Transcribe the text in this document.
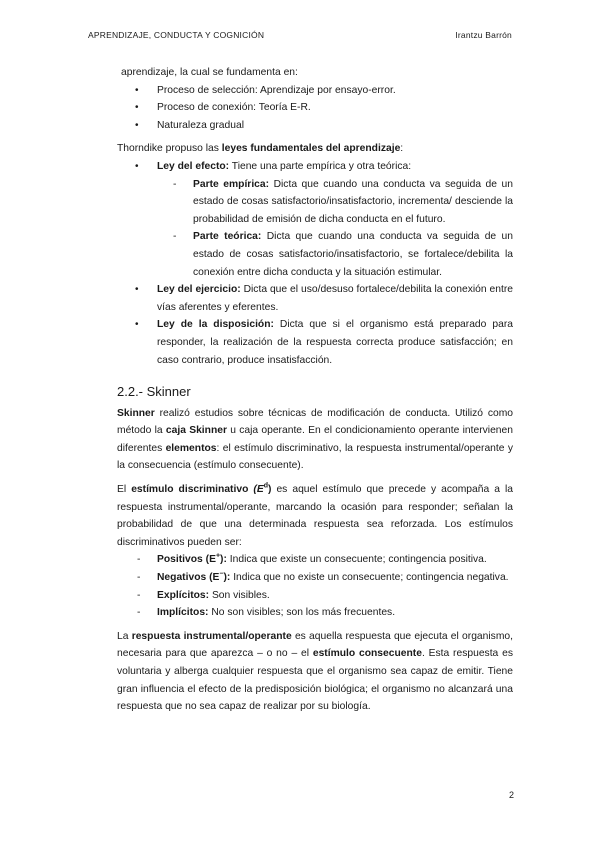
APRENDIZAJE, CONDUCTA Y COGNICIÓN	Irantzu Barrón

aprendizaje, la cual se fundamenta en:

• Proceso de selección: Aprendizaje por ensayo-error.
• Proceso de conexión: Teoría E-R.
• Naturaleza gradual

Thorndike propuso las leyes fundamentales del aprendizaje:

• Ley del efecto: Tiene una parte empírica y otra teórica:
- Parte empírica: Dicta que cuando una conducta va seguida de un estado de cosas satisfactorio/insatisfactorio, incrementa/ desciende la probabilidad de emisión de dicha conducta en el futuro.
- Parte teórica: Dicta que cuando una conducta va seguida de un estado de cosas satisfactorio/insatisfactorio, se fortalece/debilita la conexión entre dicha conducta y la situación estimular.
• Ley del ejercicio: Dicta que el uso/desuso fortalece/debilita la conexión entre vías aferentes y eferentes.
• Ley de la disposición: Dicta que si el organismo está preparado para responder, la realización de la respuesta correcta produce satisfacción; en caso contrario, produce insatisfacción.
2.2.- Skinner

Skinner realizó estudios sobre técnicas de modificación de conducta. Utilizó como método la caja Skinner u caja operante. En el condicionamiento operante intervienen diferentes elementos: el estímulo discriminativo, la respuesta instrumental/operante y la consecuencia (estímulo consecuente).

El estímulo discriminativo $(E^d)$ es aquel estímulo que precede y acompaña a la respuesta instrumental/operante, marcando la ocasión para responder; señalan la probabilidad de que una determinada respuesta sea reforzada. Los estímulos discriminativos pueden ser:

- Positivos (E+): Indica que existe un consecuente; contingencia positiva.
- Negativos (E−): Indica que no existe un consecuente; contingencia negativa.
- Explícitos: Son visibles.
- Implícitos: No son visibles; son los más frecuentes.

La respuesta instrumental/operante es aquella respuesta que ejecuta el organismo, necesaria para que aparezca – o no – el estímulo consecuente. Esta respuesta es voluntaria y alberga cualquier respuesta que el organismo sea capaz de emitir. Tiene gran influencia el efecto de la predisposición biológica; el organismo no alcanzará una respuesta que no sea capaz de realizar por su biología.

2
